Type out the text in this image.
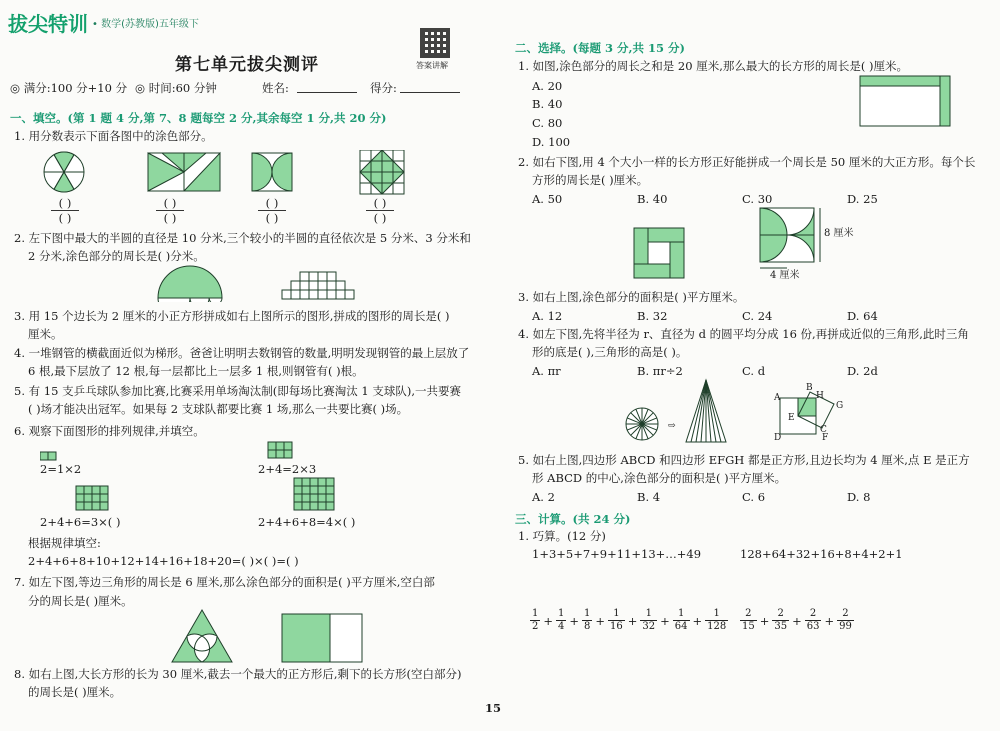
拔尖特训 • 数学(苏教版)五年级下
答案讲解
第七单元拔尖测评
◎ 满分:100 分+10 分 ◎ 时间:60 分钟	姓名:	得分:
一、填空。(第 1 题 4 分,第 7、8 题每空 2 分,其余每空 1 分,共 20 分)
1. 用分数表示下面各图中的涂色部分。
( )
( )
( )
( )
( )
( )
( )
( )
2. 左下图中最大的半圆的直径是 10 分米,三个较小的半圆的直径依次是 5 分米、3 分米和
2 分米,涂色部分的周长是( )分米。
3. 用 15 个边长为 2 厘米的小正方形拼成如右上图所示的图形,拼成的图形的周长是( )
厘米。
4. 一堆钢管的横截面近似为梯形。爸爸让明明去数钢管的数量,明明发现钢管的最上层放了
6 根,最下层放了 12 根,每一层都比上一层多 1 根,则钢管有( )根。
5. 有 15 支乒乓球队参加比赛,比赛采用单场淘汰制(即每场比赛淘汰 1 支球队),一共要赛
( )场才能决出冠军。如果每 2 支球队都要比赛 1 场,那么一共要比赛( )场。
6. 观察下面图形的排列规律,并填空。
2=1×2	2+4=2×3
2+4+6=3×( )	2+4+6+8=4×( )
根据规律填空:
2+4+6+8+10+12+14+16+18+20=( )×( )=( )
7. 如左下图,等边三角形的周长是 6 厘米,那么涂色部分的面积是( )平方厘米,空白部
分的周长是( )厘米。
8. 如右上图,大长方形的长为 30 厘米,截去一个最大的正方形后,剩下的长方形(空白部分)
的周长是( )厘米。
15
二、选择。(每题 3 分,共 15 分)
1. 如图,涂色部分的周长之和是 20 厘米,那么最大的长方形的周长是( )厘米。
A. 20
B. 40
C. 80
D. 100
2. 如右下图,用 4 个大小一样的长方形正好能拼成一个周长是 50 厘米的大正方形。每个长
方形的周长是( )厘米。
A. 50	B. 40	C. 30	D. 25
8 厘米
4 厘米
3. 如右上图,涂色部分的面积是( )平方厘米。
A. 12	B. 32	C. 24	D. 64
4. 如左下图,先将半径为 r、直径为 d 的圆平均分成 16 份,再拼成近似的三角形,此时三角
形的底是( ),三角形的高是( )。
A. πr	B. πr÷2	C. d	D. 2d
⇨
A
B
C
D
E
F
G
H
5. 如右上图,四边形 ABCD 和四边形 EFGH 都是正方形,且边长均为 4 厘米,点 E 是正方
形 ABCD 的中心,涂色部分的面积是( )平方厘米。
A. 2	B. 4	C. 6	D. 8
三、计算。(共 24 分)
1. 巧算。(12 分)
1+3+5+7+9+11+13+…+49	128+64+32+16+8+4+2+1
1
$2 + \frac{1}{4} + \frac{1}{8} + \frac{1}{16} + \frac{1}{32} + \frac{1}{64} + \frac{1}{128} 2$
$15 + \frac{2}{35} + \frac{2}{63} + \frac{2}{99}$
